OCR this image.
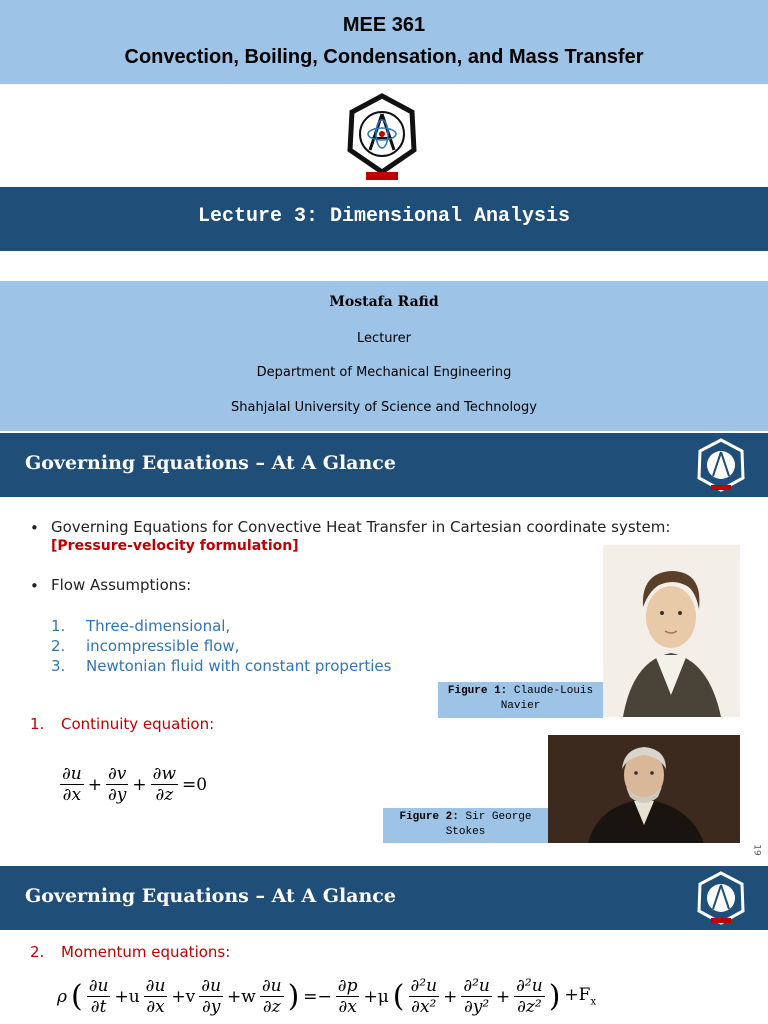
MEE 361
Convection, Boiling, Condensation, and Mass Transfer
Lecture 3: Dimensional Analysis
Mostafa Rafid
Lecturer
Department of Mechanical Engineering
Shahjalal University of Science and Technology
Governing Equations – At A Glance
• Governing Equations for Convective Heat Transfer in Cartesian coordinate system:
[Pressure-velocity formulation]
• Flow Assumptions:
1. Three-dimensional,
2. incompressible flow,
3. Newtonian fluid with constant properties
1. Continuity equation:
$\frac{\partial u}{\partial x} + \frac{\partial v}{\partial y} + \frac{\partial w}{\partial z} =0$
Figure 1: Claude-Louis Navier
Figure 2: Sir George Stokes
19
Governing Equations – At A Glance
2. Momentum equations:
ρ ( $\frac{\partial u}{\partial t} +u \frac{\partial u}{\partial x} +v \frac{\partial u}{\partial y} +w \frac{\partial u}{\partial z}$ ) =− $\frac{\partial p}{\partial x} +\mu$ ( $\frac{\text{∂²u}}{\text{∂x²}} + \frac{\text{∂²u}}{\text{∂y²}} + \frac{\text{∂²u}}{\text{∂z²}}$ ) $+F_x$
